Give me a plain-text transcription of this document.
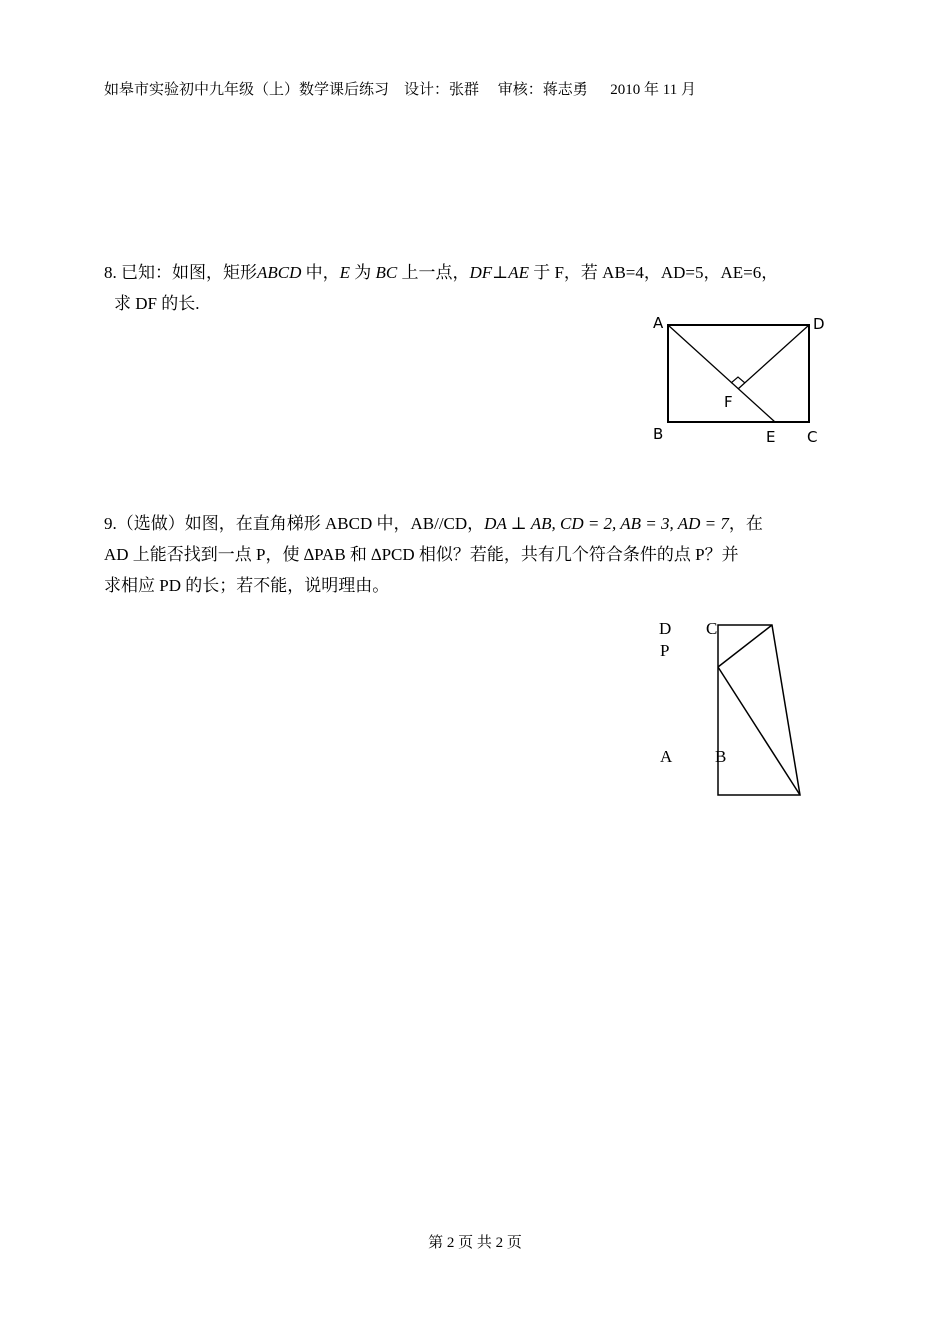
如皋市实验初中九年级（上）数学课后练习    设计：张群     审核：蒋志勇      2010 年 11 月
8. 已知：如图，矩形ABCD 中，E 为 BC 上一点，DF⊥AE 于 F，若 AB=4，AD=5，AE=6，
求 DF 的长.
A	D
B	C
E
F
9.（选做）如图，在直角梯形 ABCD 中，AB//CD，DA ⊥ AB, CD = 2, AB = 3, AD = 7，在
AD 上能否找到一点 P，使 ∆PAB 和 ∆PCD 相似？若能，共有几个符合条件的点 P？并
求相应 PD 的长；若不能，说明理由。
D C
P
A	B
第 2 页 共 2 页
